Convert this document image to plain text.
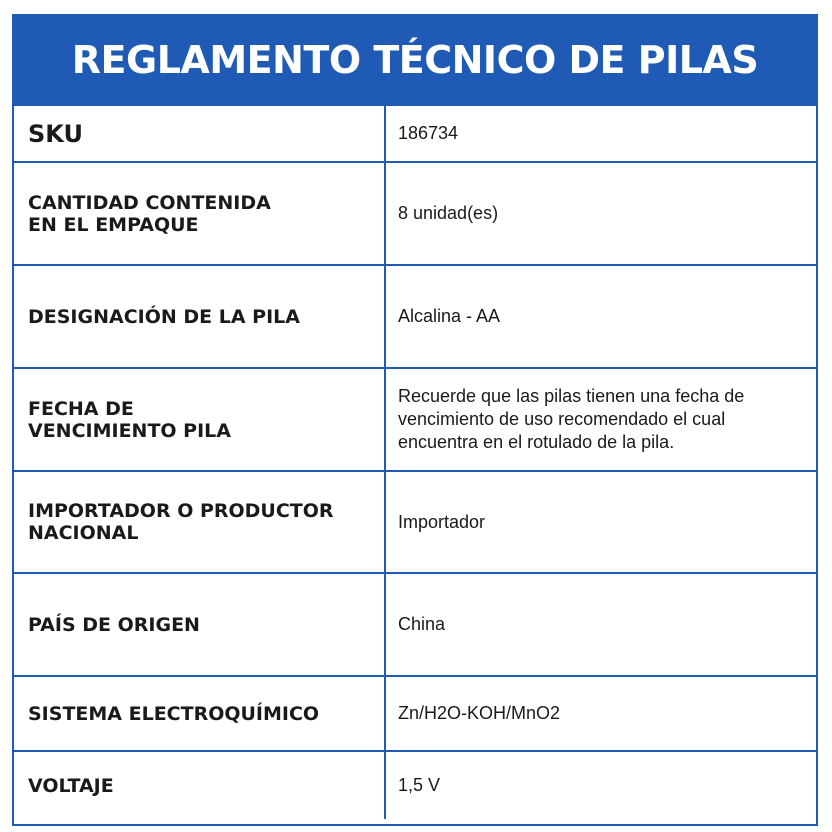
REGLAMENTO TÉCNICO DE PILAS
SKU	186734

CANTIDAD CONTENIDA
EN EL EMPAQUE	8 unidad(es)

DESIGNACIÓN DE LA PILA	Alcalina - AA

FECHA DE
VENCIMIENTO PILA	Recuerde que las pilas tienen una fecha de vencimiento de uso recomendado el cual encuentra en el rotulado de la pila.

IMPORTADOR O PRODUCTOR
NACIONAL	Importador

PAÍS DE ORIGEN	China

SISTEMA ELECTROQUÍMICO	Zn/H2O-KOH/MnO2

VOLTAJE	1,5 V
